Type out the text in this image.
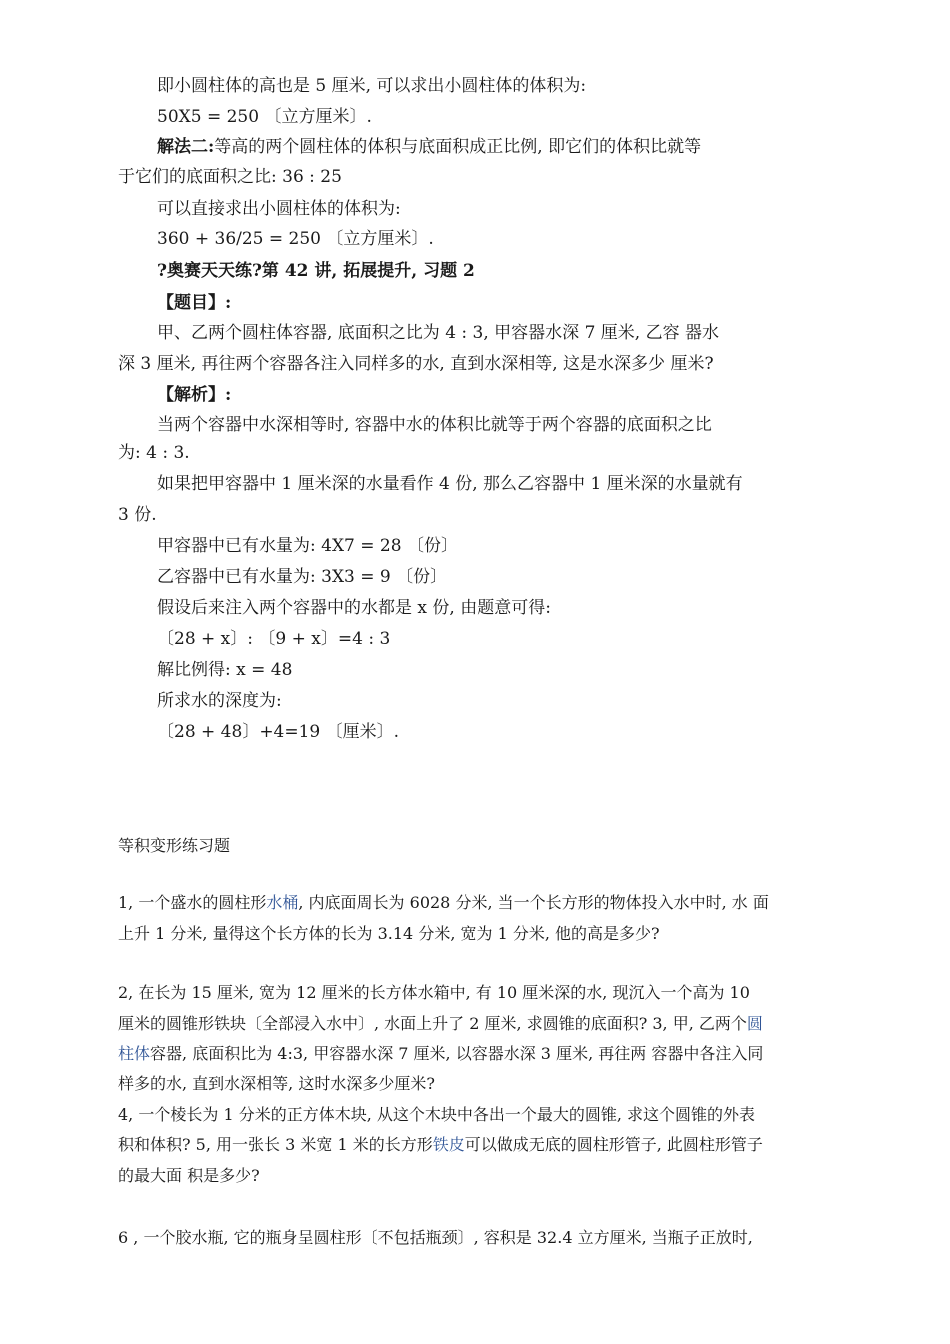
即小圆柱体的高也是 5 厘米, 可以求出小圆柱体的体积为:
50X5 = 250 〔立方厘米〕.
解法二:等高的两个圆柱体的体积与底面积成正比例, 即它们的体积比就等
于它们的底面积之比: 36 : 25
可以直接求出小圆柱体的体积为:
360 + 36/25 = 250 〔立方厘米〕.
?奥赛天天练?第 42 讲, 拓展提升, 习题 2
【题目】:
甲、乙两个圆柱体容器, 底面积之比为 4 : 3, 甲容器水深 7 厘米, 乙容 器水
深 3 厘米, 再往两个容器各注入同样多的水, 直到水深相等, 这是水深多少 厘米?
【解析】:
当两个容器中水深相等时, 容器中水的体积比就等于两个容器的底面积之比
为: 4 : 3.
如果把甲容器中 1 厘米深的水量看作 4 份, 那么乙容器中 1 厘米深的水量就有
3 份.
甲容器中已有水量为: 4X7 = 28 〔份〕
乙容器中已有水量为: 3X3 = 9 〔份〕
假设后来注入两个容器中的水都是 x 份, 由题意可得:
〔28 + x〕: 〔9 + x〕=4 : 3
解比例得: x = 48
所求水的深度为:
〔28 + 48〕+4=19 〔厘米〕.
等积变形练习题
1, 一个盛水的圆柱形水桶, 内底面周长为 6028 分米, 当一个长方形的物体投入水中时, 水 面
上升 1 分米, 量得这个长方体的长为 3.14 分米, 宽为 1 分米, 他的高是多少?
2, 在长为 15 厘米, 宽为 12 厘米的长方体水箱中, 有 10 厘米深的水, 现沉入一个高为 10
厘米的圆锥形铁块〔全部浸入水中〕, 水面上升了 2 厘米, 求圆锥的底面积? 3, 甲, 乙两个圆
柱体容器, 底面积比为 4:3, 甲容器水深 7 厘米, 以容器水深 3 厘米, 再往两 容器中各注入同
样多的水, 直到水深相等, 这时水深多少厘米?
4, 一个棱长为 1 分米的正方体木块, 从这个木块中各出一个最大的圆锥, 求这个圆锥的外表
积和体积? 5, 用一张长 3 米宽 1 米的长方形铁皮可以做成无底的圆柱形管子, 此圆柱形管子
的最大面 积是多少?
6 , 一个胶水瓶, 它的瓶身呈圆柱形〔不包括瓶颈〕, 容积是 32.4 立方厘米, 当瓶子正放时,
